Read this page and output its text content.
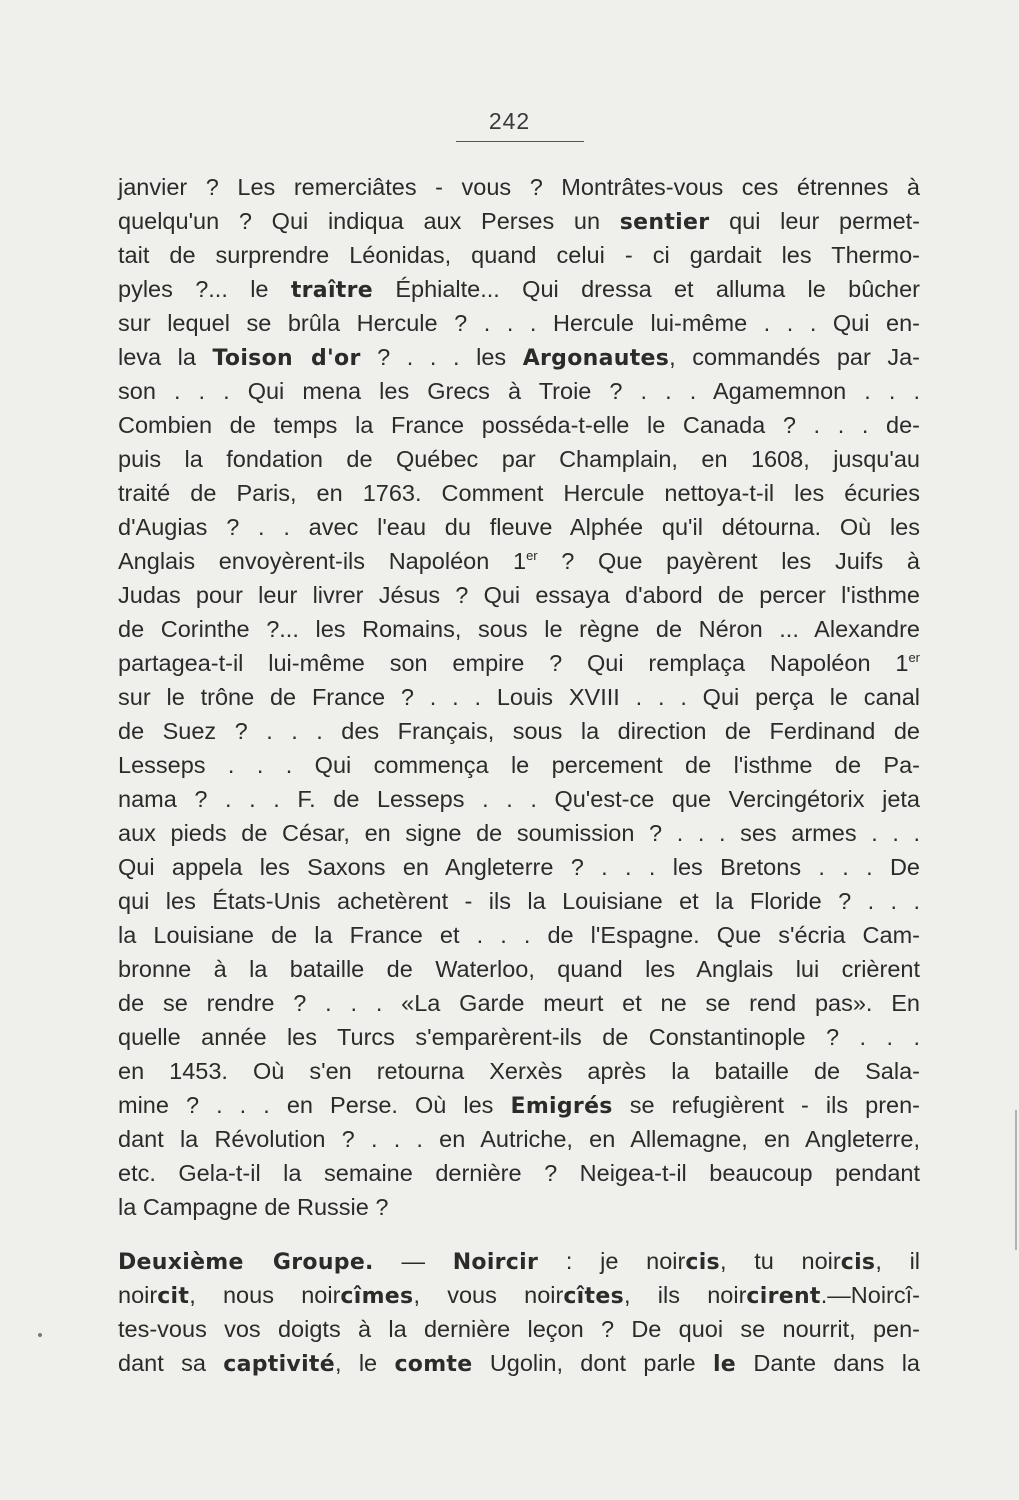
242
janvier ? Les remerciâtes - vous ? Montrâtes-vous ces étrennes à
quelqu'un ? Qui indiqua aux Perses un sentier qui leur permet-
tait de surprendre Léonidas, quand celui - ci gardait les Thermo-
pyles ?... le traître Éphialte... Qui dressa et alluma le bûcher
sur lequel se brûla Hercule ? . . . Hercule lui-même . . . Qui en-
leva la Toison d'or ? . . . les Argonautes, commandés par Ja-
son . . . Qui mena les Grecs à Troie ? . . . Agamemnon . . .
Combien de temps la France posséda-t-elle le Canada ? . . . de-
puis la fondation de Québec par Champlain, en 1608, jusqu'au
traité de Paris, en 1763. Comment Hercule nettoya-t-il les écuries
d'Augias ? . . avec l'eau du fleuve Alphée qu'il détourna. Où les
Anglais envoyèrent-ils Napoléon 1er ? Que payèrent les Juifs à
Judas pour leur livrer Jésus ? Qui essaya d'abord de percer l'isthme
de Corinthe ?... les Romains, sous le règne de Néron ... Alexandre
partagea-t-il lui-même son empire ? Qui remplaça Napoléon 1er
sur le trône de France ? . . . Louis XVIII . . . Qui perça le canal
de Suez ? . . . des Français, sous la direction de Ferdinand de
Lesseps . . . Qui commença le percement de l'isthme de Pa-
nama ? . . . F. de Lesseps . . . Qu'est-ce que Vercingétorix jeta
aux pieds de César, en signe de soumission ? . . . ses armes . . .
Qui appela les Saxons en Angleterre ? . . . les Bretons . . . De
qui les États-Unis achetèrent - ils la Louisiane et la Floride ? . . .
la Louisiane de la France et . . . de l'Espagne. Que s'écria Cam-
bronne à la bataille de Waterloo, quand les Anglais lui crièrent
de se rendre ? . . . «La Garde meurt et ne se rend pas». En
quelle année les Turcs s'emparèrent-ils de Constantinople ? . . .
en 1453. Où s'en retourna Xerxès après la bataille de Sala-
mine ? . . . en Perse. Où les Emigrés se refugièrent - ils pren-
dant la Révolution ? . . . en Autriche, en Allemagne, en Angleterre,
etc. Gela-t-il la semaine dernière ? Neigea-t-il beaucoup pendant
la Campagne de Russie ?
Deuxième Groupe. — Noircir : je noircis, tu noircis, il
noircit, nous noircîmes, vous noircîtes, ils noircirent.—Noircî-
tes-vous vos doigts à la dernière leçon ? De quoi se nourrit, pen-
dant sa captivité, le comte Ugolin, dont parle le Dante dans la
